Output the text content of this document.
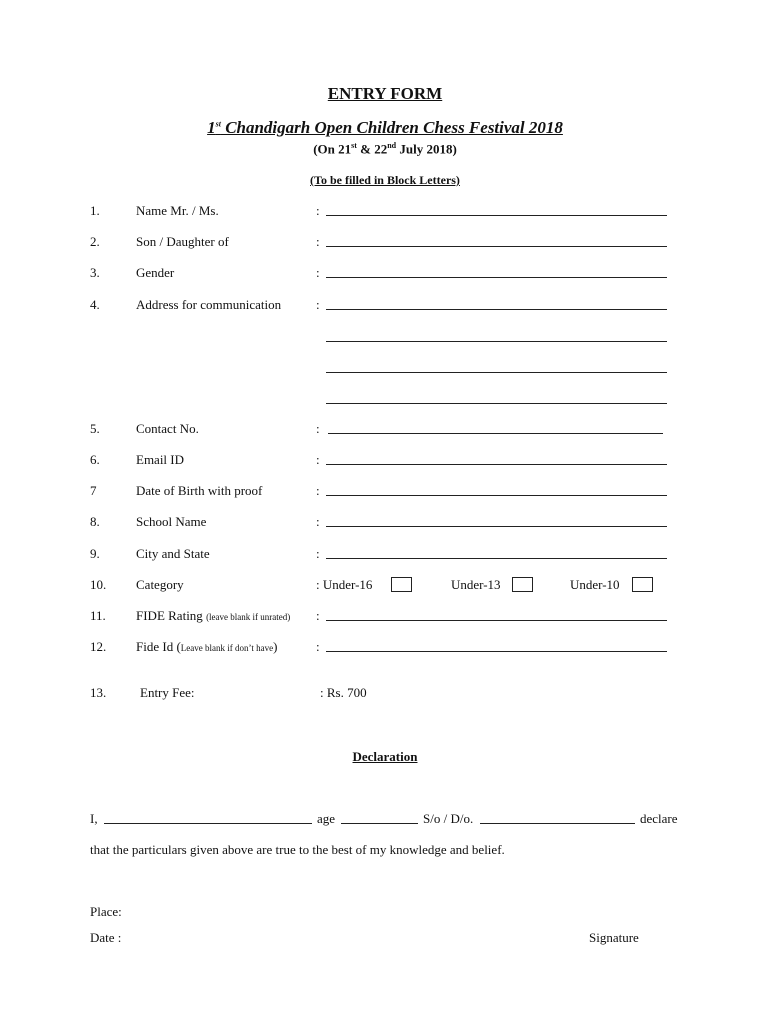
ENTRY FORM
1st Chandigarh Open Children Chess Festival 2018
(On 21st & 22nd July 2018)
(To be filled in Block Letters)
1.	Name Mr. / Ms.	:
2.	Son / Daughter of	:
3.	Gender	:
4.	Address for communication	:
5.	Contact No.	:
6.	Email ID	:
7	Date of Birth with proof	:
8.	School Name	:
9.	City and State	:
10. Category	: Under-16	Under-13	Under-10
11. FIDE Rating (leave blank if unrated) :
12. Fide Id (Leave blank if don’t have)	:
13.	Entry Fee:	: Rs. 700
Declaration
I,	age	S/o / D/o.	declare
that the particulars given above are true to the best of my knowledge and belief.
Place:
Date :	Signature
